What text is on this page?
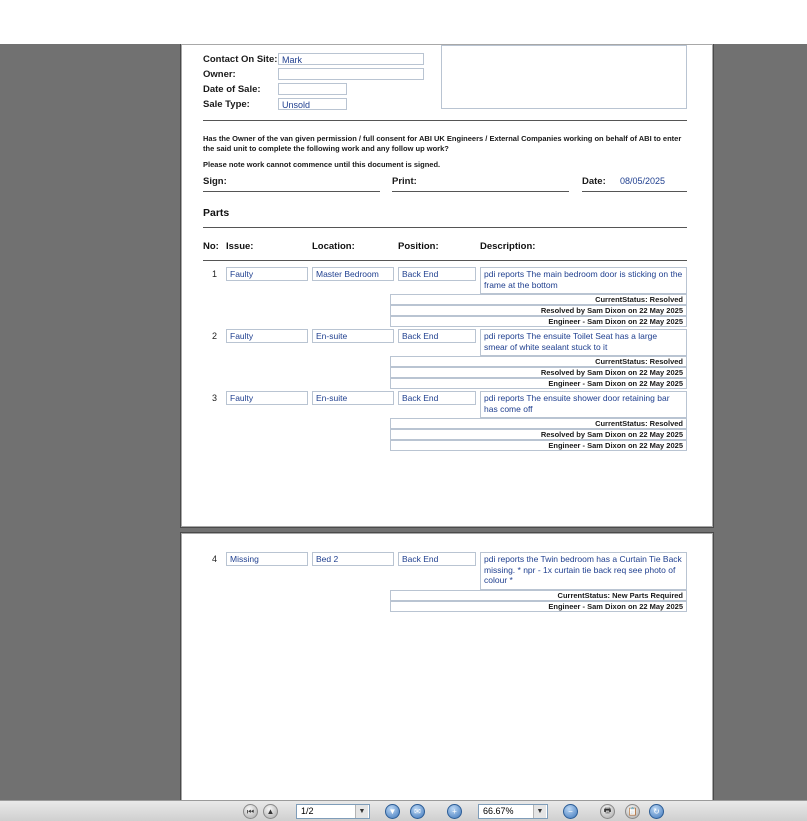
Contact On Site: Mark
Owner:
Date of Sale:
Sale Type:	Unsold
Has the Owner of the van given permission / full consent for ABI UK Engineers / External Companies working on behalf of ABI to enter the said unit to complete the following work and any follow up work?
Please note work cannot commence until this document is signed.
Sign:	Print:	Date: 08/05/2025
Parts
No: Issue:	Location:	Position:	Description:
1	Faulty	Master Bedroom	Back End	pdi reports The main bedroom door is sticking on the frame at the bottom
CurrentStatus: Resolved
Resolved by Sam Dixon on 22 May 2025
Engineer - Sam Dixon on 22 May 2025
2	Faulty	En-suite	Back End	pdi reports The ensuite Toilet Seat has a large smear of white sealant stuck to it
CurrentStatus: Resolved
Resolved by Sam Dixon on 22 May 2025
Engineer - Sam Dixon on 22 May 2025
3	Faulty	En-suite	Back End	pdi reports The ensuite shower door retaining bar has come off
CurrentStatus: Resolved
Resolved by Sam Dixon on 22 May 2025
Engineer - Sam Dixon on 22 May 2025
4	Missing	Bed 2	Back End	pdi reports the Twin bedroom has a Curtain Tie Back missing. * npr - 1x curtain tie back req see photo of colour *
CurrentStatus: New Parts Required
Engineer - Sam Dixon on 22 May 2025
⏮	▲	1/2	▼	▼	✉	+	66.67%	▼	−	🖶	📋	↻
